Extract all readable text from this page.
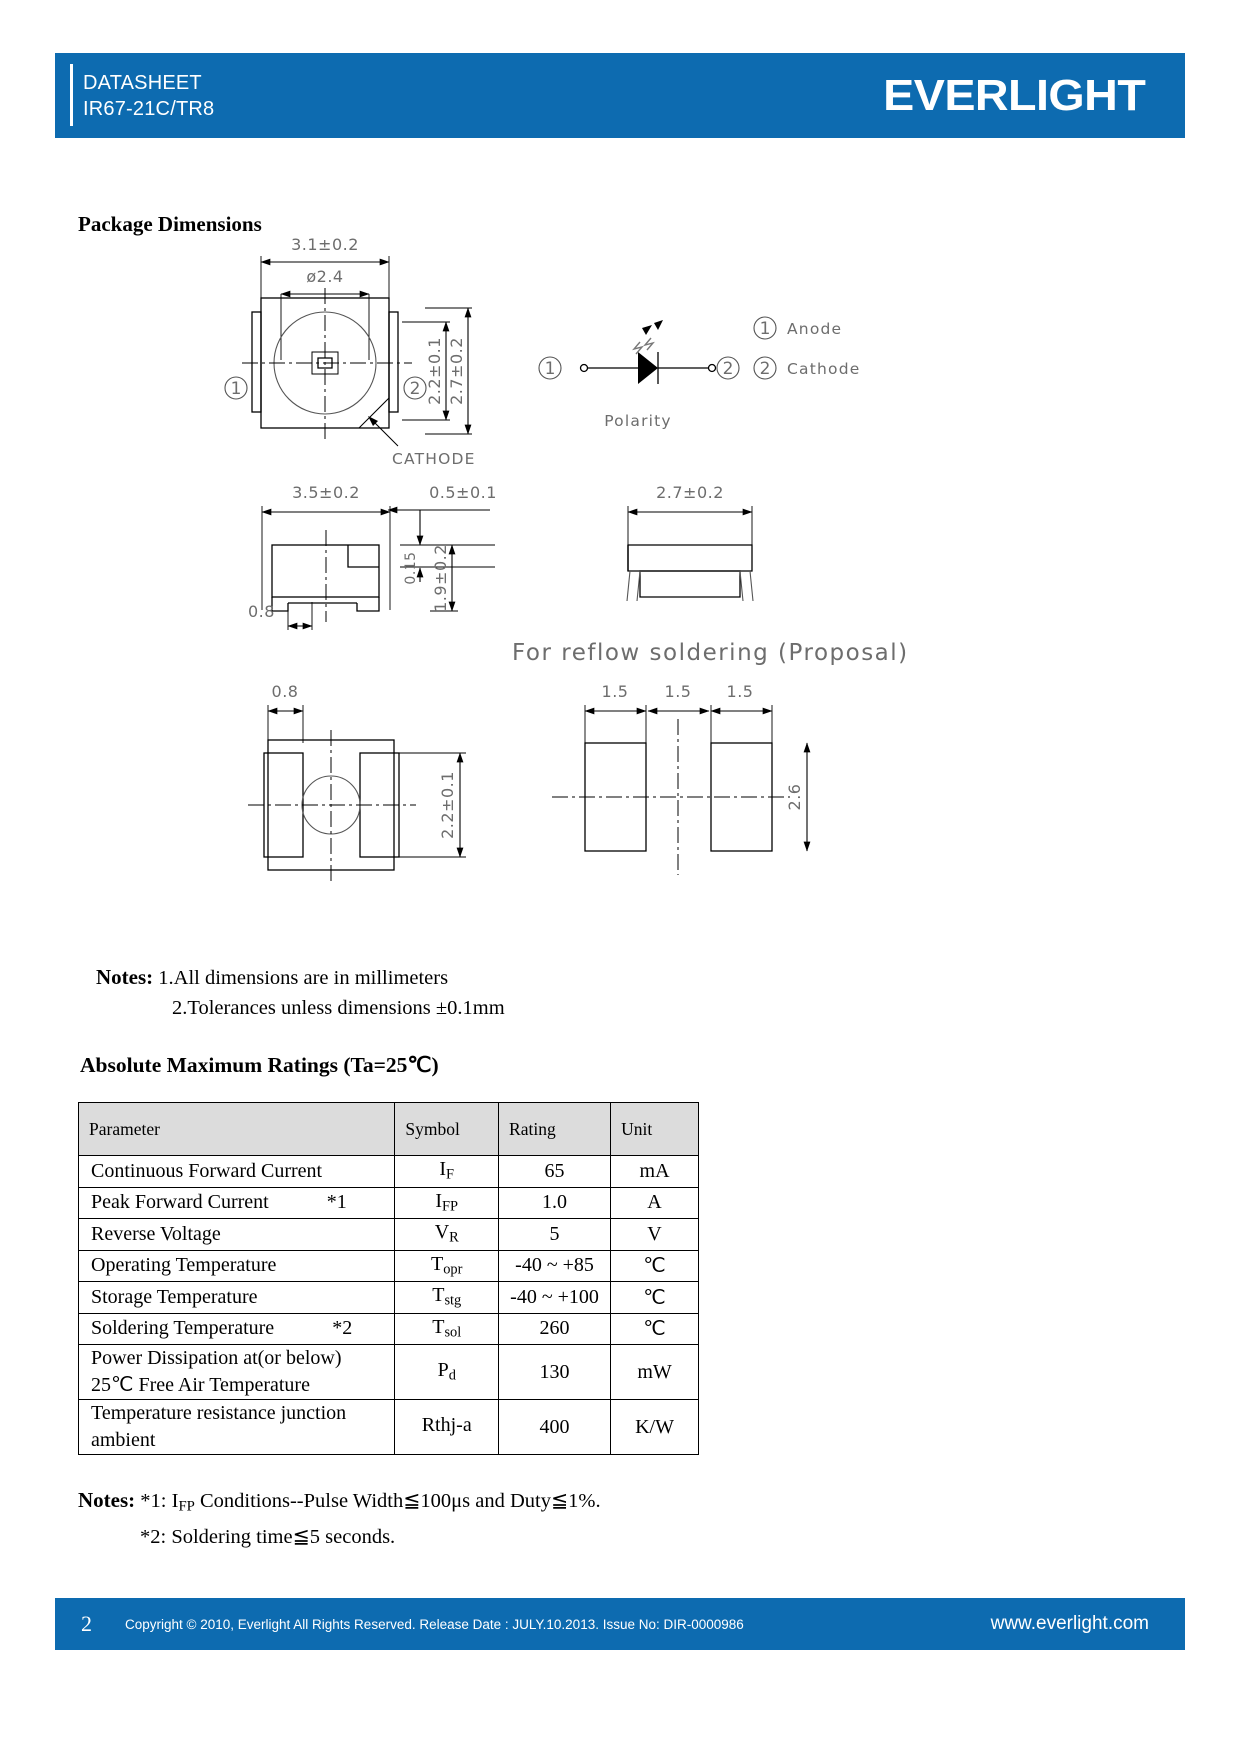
DATASHEET
IR67-21C/TR8	EVERLIGHT
Package Dimensions
3.1±0.2
ø2.4
CATHODE
1	2 2.2±0.1 2.7±0.2	1	2
Polarity
1 Anode
2 Cathode
3.5±0.2
0.8
0.5±0.1
0.15 1.9±0.2
2.7±0.2
For reflow soldering (Proposal)
0.8
2.2±0.1
1.5 1.5 1.5
2.6
Notes: 1.All dimensions are in millimeters
2.Tolerances unless dimensions ±0.1mm
Absolute Maximum Ratings (Ta=25℃)
Parameter	Symbol	Rating	Unit
Continuous Forward Current	$I_F$	65	mA
Peak Forward Current *1	$I_{FP}$	1.0	A
Reverse Voltage	$V_R$	5	V
Operating Temperature	$T_{opr}$	-40 ~ +85	℃
Storage Temperature	$T_{stg}$	-40 ~ +100	℃
Soldering Temperature *2	$T_{sol}$	260	℃

Power Dissipation at(or below)
25℃ Free Air Temperature	$P_d$	130	mW

Temperature resistance junction
ambient	Rthj-a	400	K/W
Notes: *1: $I_{FP}$ Conditions--Pulse Width≦100μs and Duty≦1%.
*2: Soldering time≦5 seconds.
2	Copyright © 2010, Everlight All Rights Reserved. Release Date : JULY.10.2013. Issue No: DIR-0000986	www.everlight.com
